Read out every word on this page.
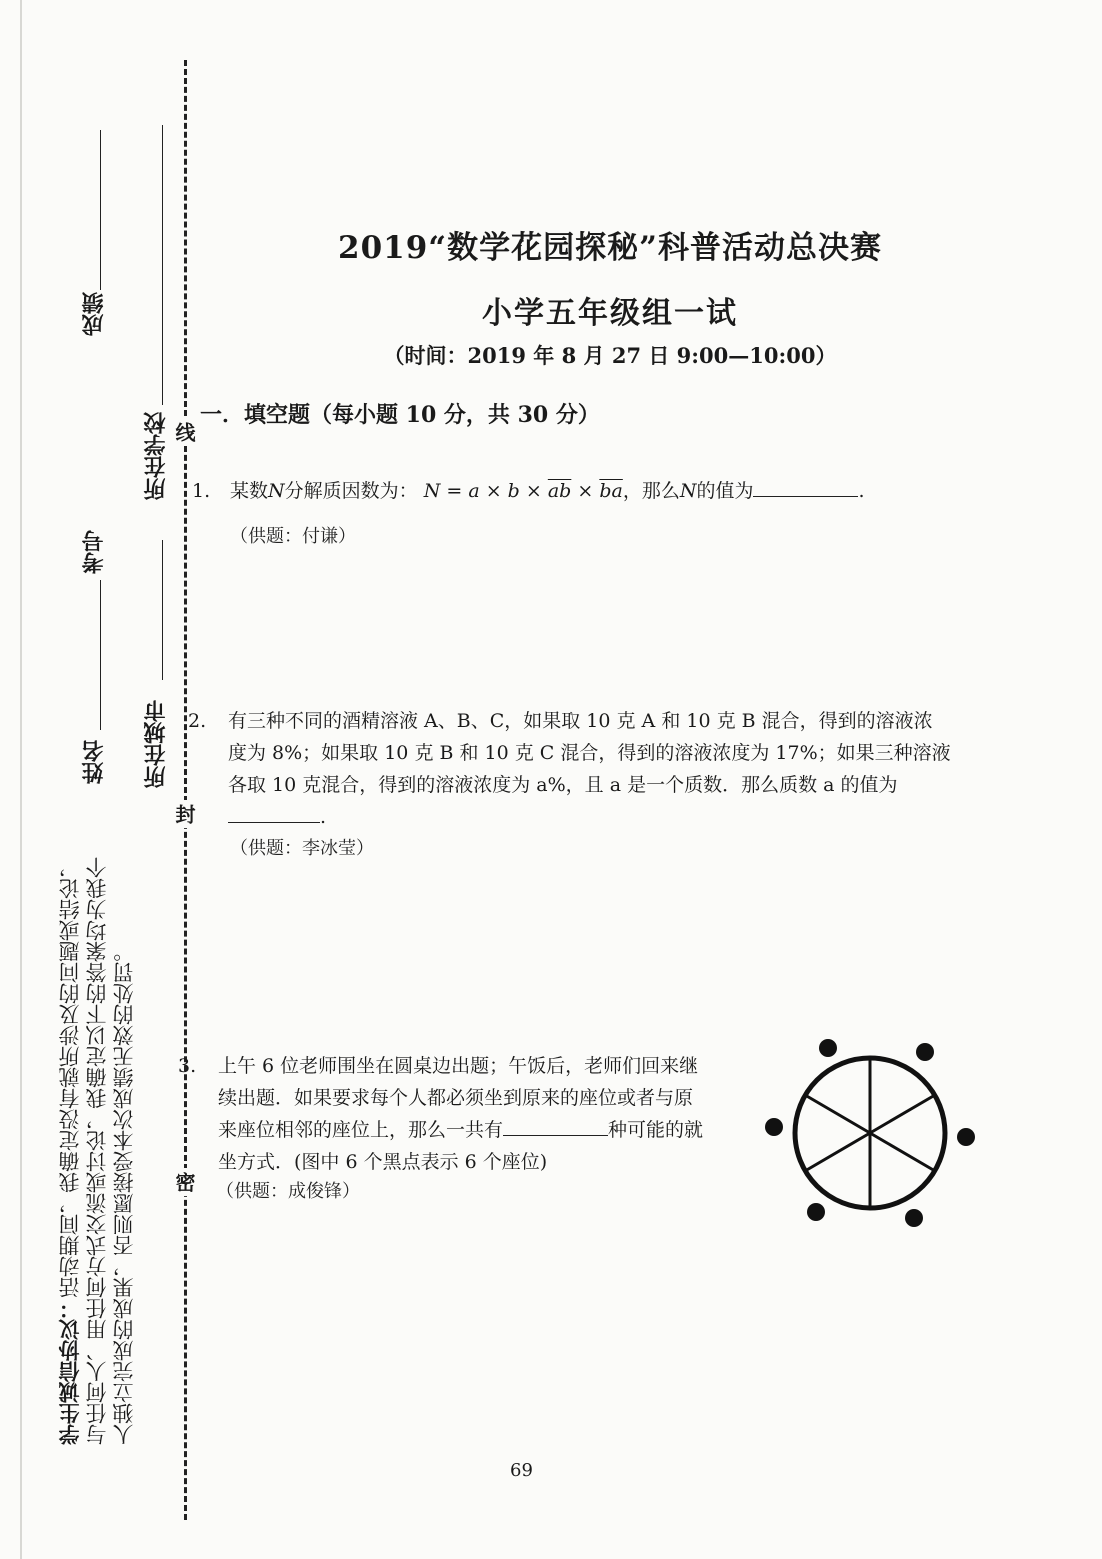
成绩
所在学校
考号
所在城市
姓名
学生诚信协议：活动期间，我确定没有就所涉及的问题或结论，与任何人、用任何方式交流或讨论，我确定以下的答案均为我个人独立完成的成果，否则愿接受本次成绩无效的处罚。
线
封
密
2019“数学花园探秘”科普活动总决赛
小学五年级组一试
（时间：2019 年 8 月 27 日 9:00—10:00）
一．填空题（每小题 10 分，共 30 分）
1. 某数N分解质因数为： $N = a \times b \times \overline{ab} \times \overline{ba}$，那么N的值为	.
（供题：付谦）
2. 有三种不同的酒精溶液 A、B、C，如果取 10 克 A 和 10 克 B 混合，得到的溶液浓
度为 8%；如果取 10 克 B 和 10 克 C 混合，得到的溶液浓度为 17%；如果三种溶液
各取 10 克混合，得到的溶液浓度为 a%，且 a 是一个质数．那么质数 a 的值为
.
（供题：李冰莹）
3. 上午 6 位老师围坐在圆桌边出题；午饭后，老师们回来继
续出题．如果要求每个人都必须坐到原来的座位或者与原
来座位相邻的座位上，那么一共有	种可能的就
坐方式．(图中 6 个黑点表示 6 个座位)
（供题：成俊锋）
69
